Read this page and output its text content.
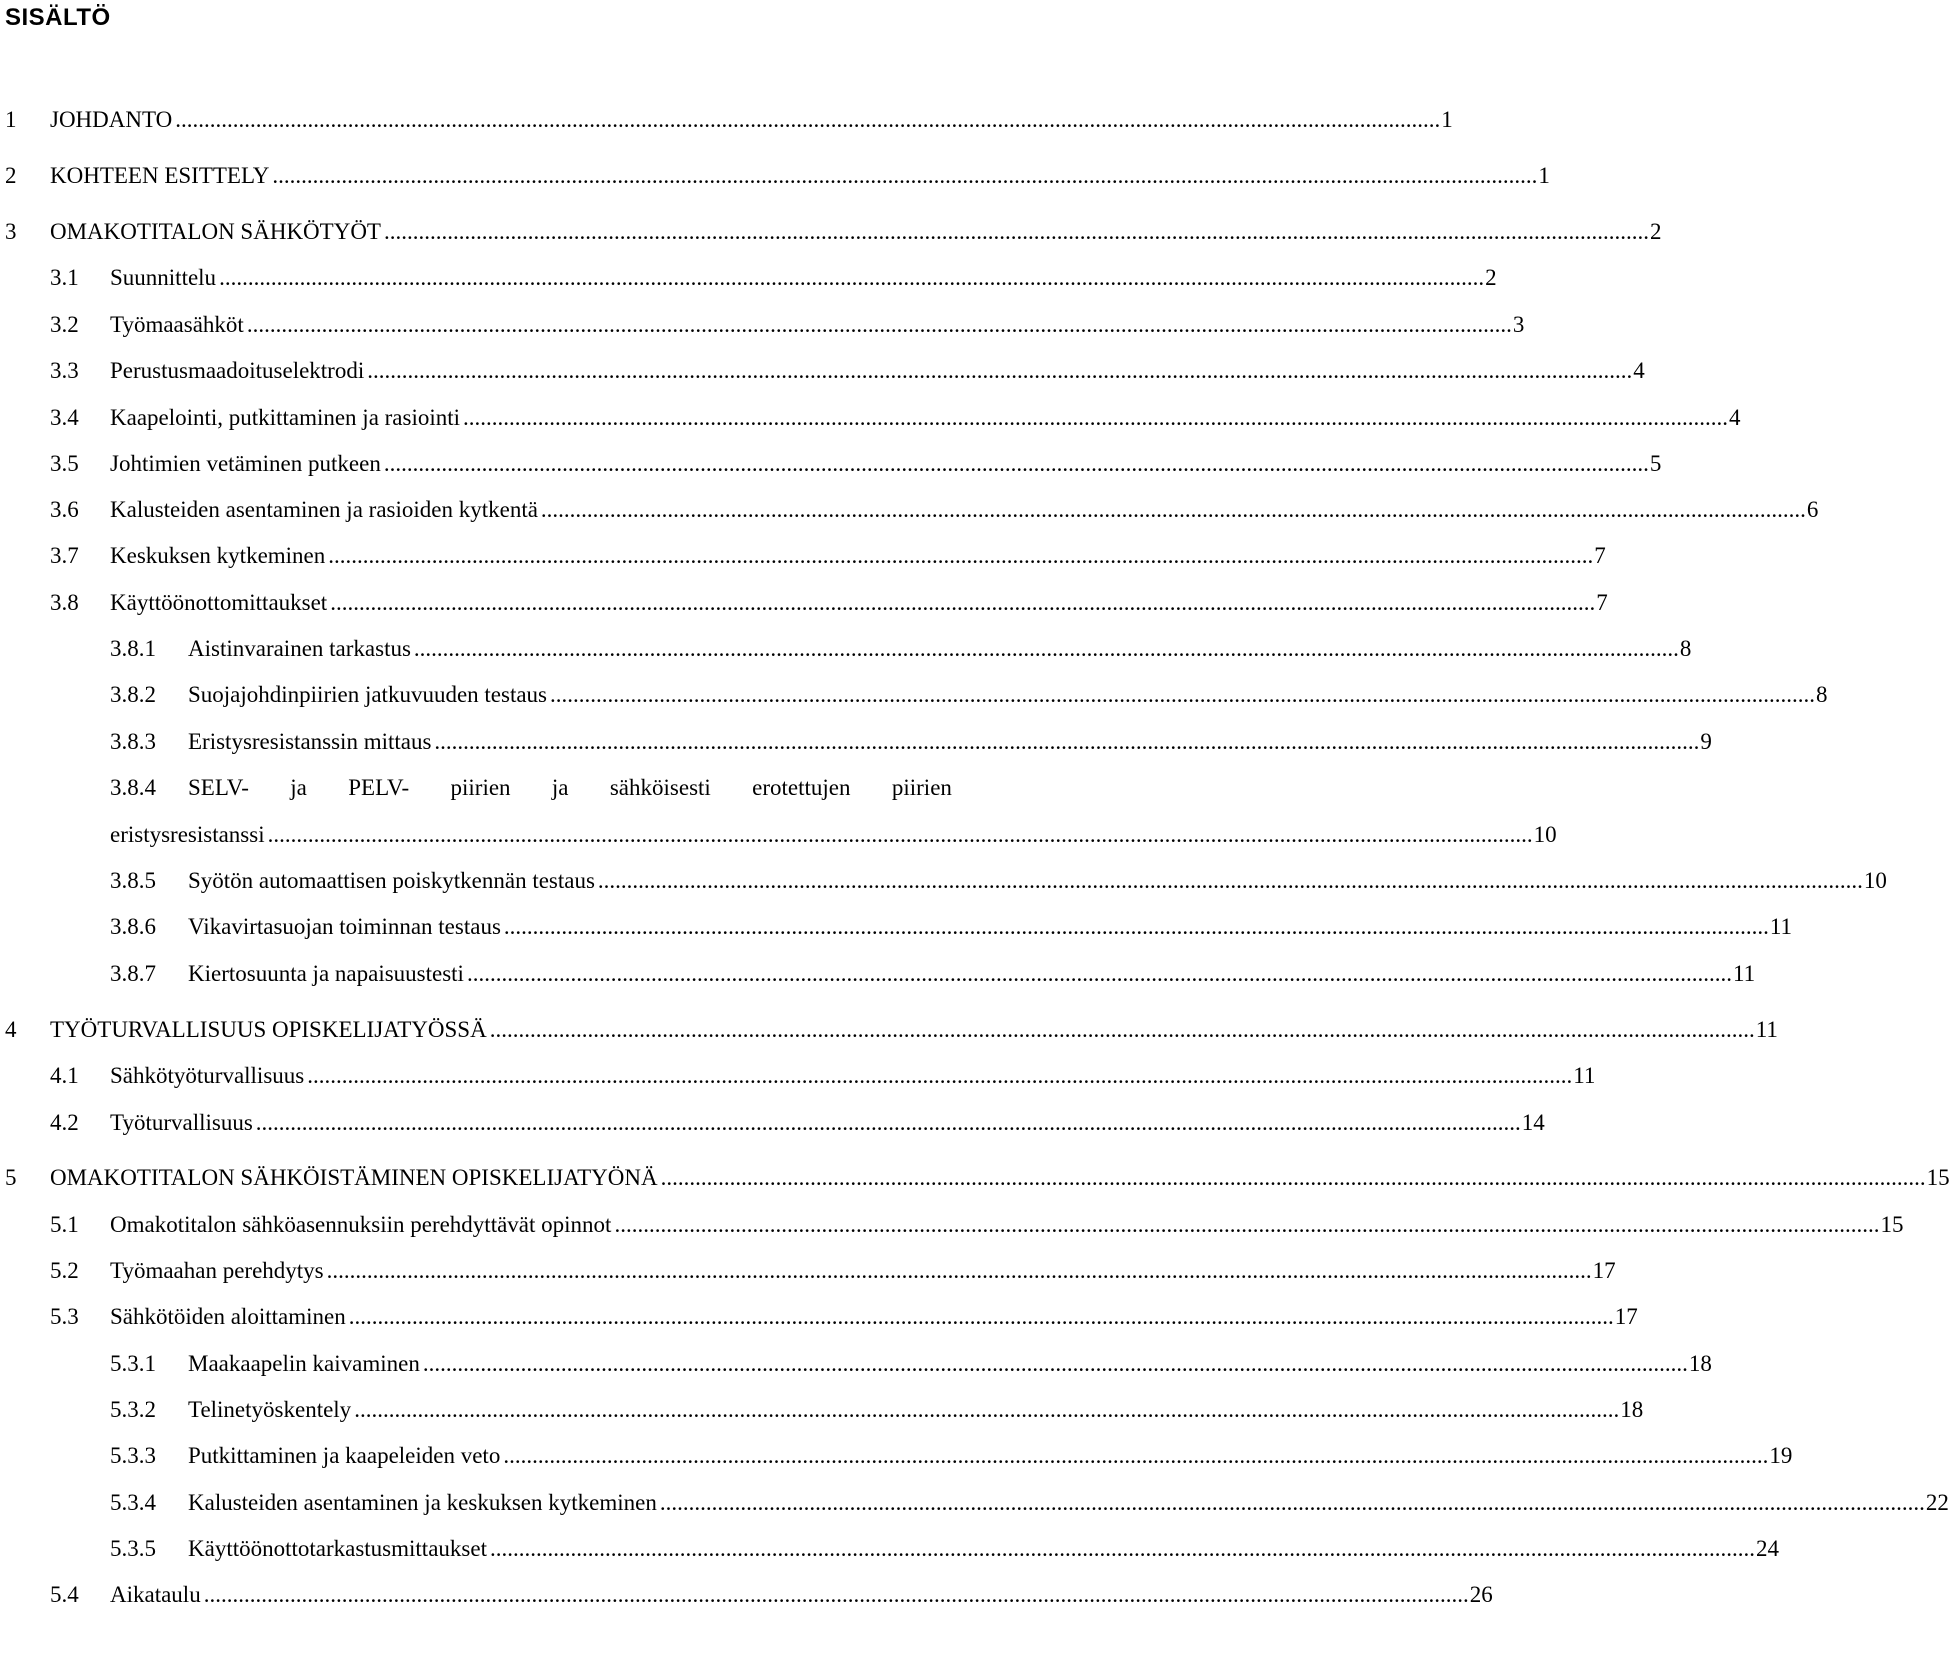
SISÄLTÖ
1	JOHDANTO ............................................................................................................................................................................................................................ 1
2	KOHTEEN ESITTELY ............................................................................................................................................................................................................................ 1
3	OMAKOTITALON SÄHKÖTYÖT ............................................................................................................................................................................................................................ 2
3.1	Suunnittelu ............................................................................................................................................................................................................................ 2
3.2	Työmaasähköt ............................................................................................................................................................................................................................ 3
3.3	Perustusmaadoituselektrodi ............................................................................................................................................................................................................................ 4
3.4	Kaapelointi, putkittaminen ja rasiointi ............................................................................................................................................................................................................................ 4
3.5	Johtimien vetäminen putkeen ............................................................................................................................................................................................................................ 5
3.6	Kalusteiden asentaminen ja rasioiden kytkentä ............................................................................................................................................................................................................................ 6
3.7	Keskuksen kytkeminen ............................................................................................................................................................................................................................ 7
3.8	Käyttöönottomittaukset ............................................................................................................................................................................................................................ 7
3.8.1	Aistinvarainen tarkastus ............................................................................................................................................................................................................................ 8
3.8.2	Suojajohdinpiirien jatkuvuuden testaus ............................................................................................................................................................................................................................ 8
3.8.3	Eristysresistanssin mittaus ............................................................................................................................................................................................................................ 9
3.8.4	SELV- ja PELV- piirien ja sähköisesti erotettujen piirien
eristysresistanssi ............................................................................................................................................................................................................................ 10
3.8.5	Syötön automaattisen poiskytkennän testaus ............................................................................................................................................................................................................................ 10
3.8.6	Vikavirtasuojan toiminnan testaus ............................................................................................................................................................................................................................ 11
3.8.7	Kiertosuunta ja napaisuustesti ............................................................................................................................................................................................................................ 11
4	TYÖTURVALLISUUS OPISKELIJATYÖSSÄ ............................................................................................................................................................................................................................ 11
4.1	Sähkötyöturvallisuus ............................................................................................................................................................................................................................ 11
4.2	Työturvallisuus ............................................................................................................................................................................................................................ 14
5	OMAKOTITALON SÄHKÖISTÄMINEN OPISKELIJATYÖNÄ ............................................................................................................................................................................................................................ 15
5.1	Omakotitalon sähköasennuksiin perehdyttävät opinnot ............................................................................................................................................................................................................................ 15
5.2	Työmaahan perehdytys ............................................................................................................................................................................................................................ 17
5.3	Sähkötöiden aloittaminen ............................................................................................................................................................................................................................ 17
5.3.1	Maakaapelin kaivaminen ............................................................................................................................................................................................................................ 18
5.3.2	Telinetyöskentely ............................................................................................................................................................................................................................ 18
5.3.3	Putkittaminen ja kaapeleiden veto ............................................................................................................................................................................................................................ 19
5.3.4	Kalusteiden asentaminen ja keskuksen kytkeminen ............................................................................................................................................................................................................................ 22
5.3.5	Käyttöönottotarkastusmittaukset ............................................................................................................................................................................................................................ 24
5.4	Aikataulu ............................................................................................................................................................................................................................ 26
